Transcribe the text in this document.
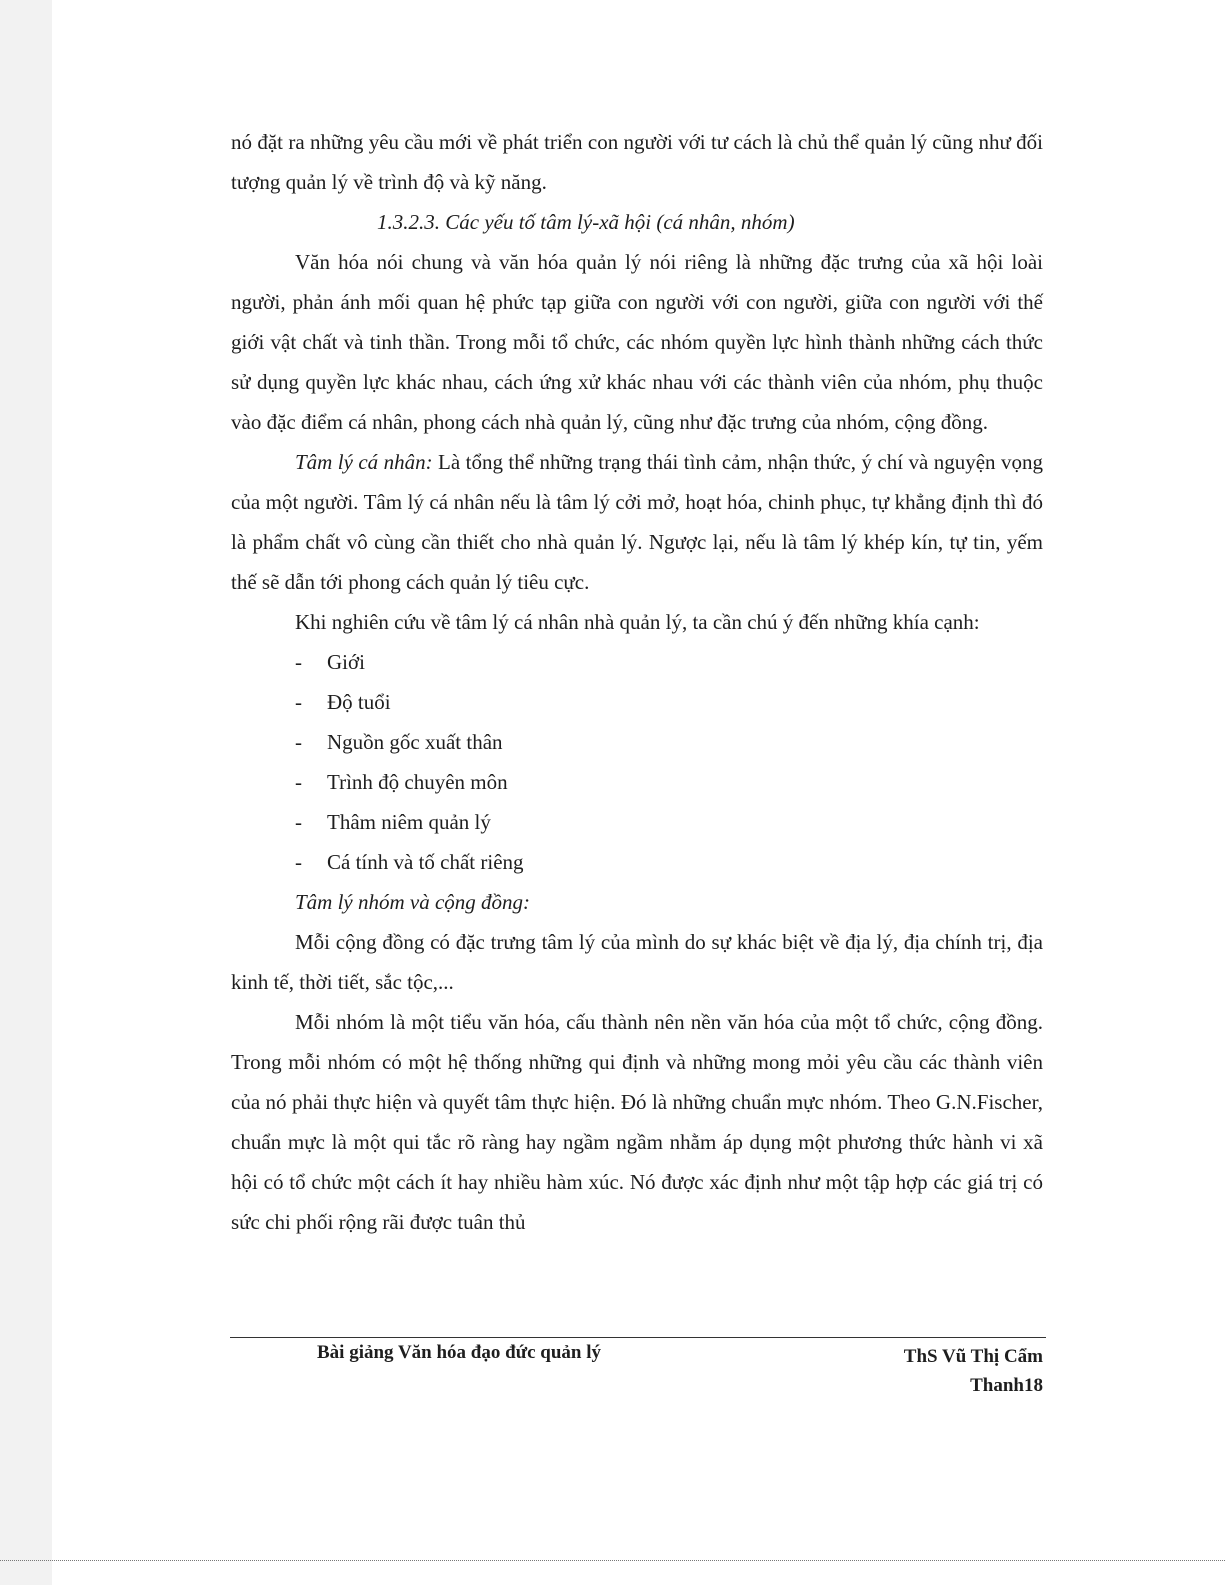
nó đặt ra những yêu cầu mới về phát triển con người với tư cách là chủ thể quản lý cũng như đối tượng quản lý về trình độ và kỹ năng.

1.3.2.3. Các yếu tố tâm lý-xã hội (cá nhân, nhóm)

Văn hóa nói chung và văn hóa quản lý nói riêng là những đặc trưng của xã hội loài người, phản ánh mối quan hệ phức tạp giữa con người với con người, giữa con người với thế giới vật chất và tinh thần. Trong mỗi tổ chức, các nhóm quyền lực hình thành những cách thức sử dụng quyền lực khác nhau, cách ứng xử khác nhau với các thành viên của nhóm, phụ thuộc vào đặc điểm cá nhân, phong cách nhà quản lý, cũng như đặc trưng của nhóm, cộng đồng.

Tâm lý cá nhân: Là tổng thể những trạng thái tình cảm, nhận thức, ý chí và nguyện vọng của một người. Tâm lý cá nhân nếu là tâm lý cởi mở, hoạt hóa, chinh phục, tự khẳng định thì đó là phẩm chất vô cùng cần thiết cho nhà quản lý. Ngược lại, nếu là tâm lý khép kín, tự tin, yếm thế sẽ dẫn tới phong cách quản lý tiêu cực.

Khi nghiên cứu về tâm lý cá nhân nhà quản lý, ta cần chú ý đến những khía cạnh:

- Giới
- Độ tuổi
- Nguồn gốc xuất thân
- Trình độ chuyên môn
- Thâm niêm quản lý
- Cá tính và tố chất riêng

Tâm lý nhóm và cộng đồng:

Mỗi cộng đồng có đặc trưng tâm lý của mình do sự khác biệt về địa lý, địa chính trị, địa kinh tế, thời tiết, sắc tộc,...

Mỗi nhóm là một tiểu văn hóa, cấu thành nên nền văn hóa của một tổ chức, cộng đồng. Trong mỗi nhóm có một hệ thống những qui định và những mong mỏi yêu cầu các thành viên của nó phải thực hiện và quyết tâm thực hiện. Đó là những chuẩn mực nhóm. Theo G.N.Fischer, chuẩn mực là một qui tắc rõ ràng hay ngầm ngầm nhằm áp dụng một phương thức hành vi xã hội có tổ chức một cách ít hay nhiều hàm xúc. Nó được xác định như một tập hợp các giá trị có sức chi phối rộng rãi được tuân thủ

Bài giảng Văn hóa đạo đức quản lý	ThS Vũ Thị Cẩm
Thanh18
